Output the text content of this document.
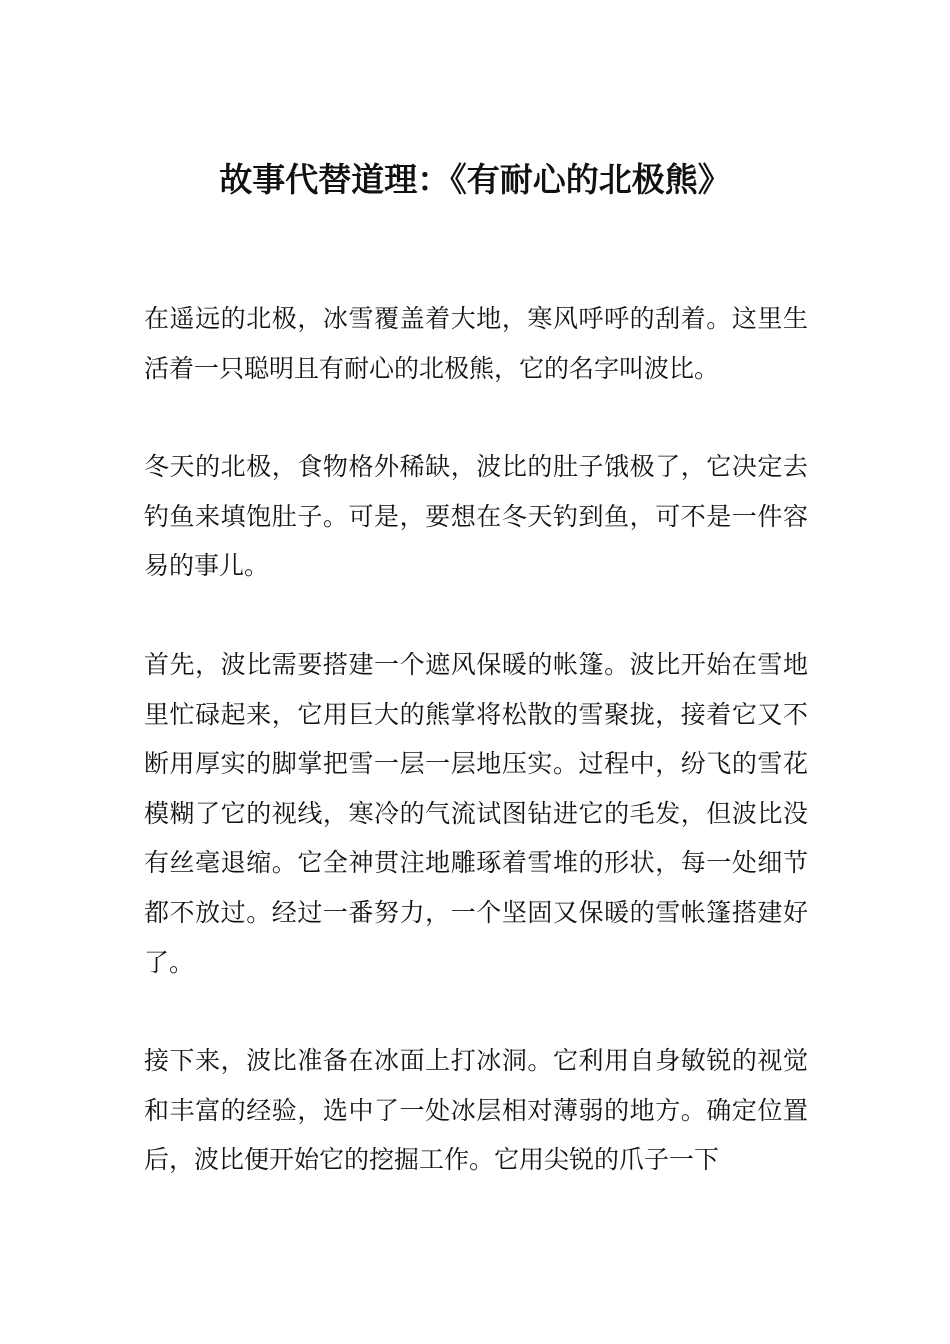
故事代替道理：《有耐心的北极熊》

在遥远的北极，冰雪覆盖着大地，寒风呼呼的刮着。这里生活着一只聪明且有耐心的北极熊，它的名字叫波比。

冬天的北极，食物格外稀缺，波比的肚子饿极了，它决定去钓鱼来填饱肚子。可是，要想在冬天钓到鱼，可不是一件容易的事儿。

首先，波比需要搭建一个遮风保暖的帐篷。波比开始在雪地里忙碌起来，它用巨大的熊掌将松散的雪聚拢，接着它又不断用厚实的脚掌把雪一层一层地压实。过程中，纷飞的雪花模糊了它的视线，寒冷的气流试图钻进它的毛发，但波比没有丝毫退缩。它全神贯注地雕琢着雪堆的形状，每一处细节都不放过。经过一番努力，一个坚固又保暖的雪帐篷搭建好了。

接下来，波比准备在冰面上打冰洞。它利用自身敏锐的视觉和丰富的经验，选中了一处冰层相对薄弱的地方。确定位置后，波比便开始它的挖掘工作。它用尖锐的爪子一下
